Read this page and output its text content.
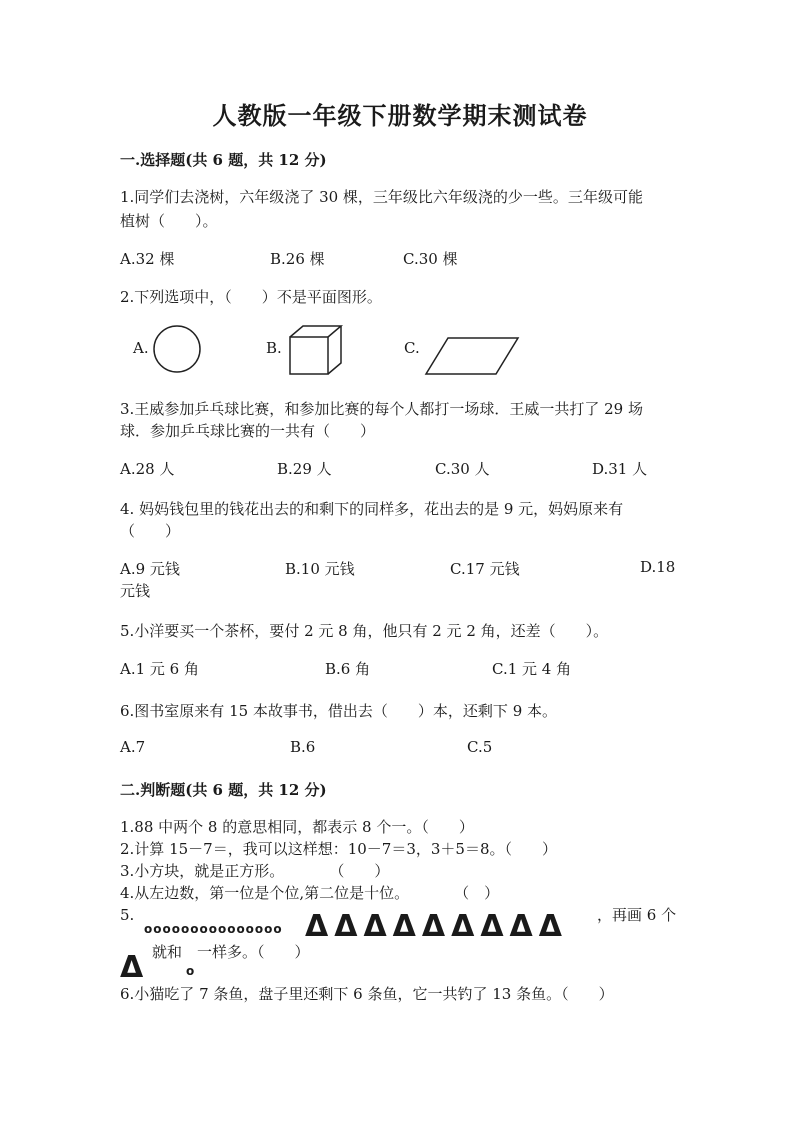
人教版一年级下册数学期末测试卷
一.选择题(共 6 题，共 12 分)
1.同学们去浇树，六年级浇了 30 棵，三年级比六年级浇的少一些。三年级可能
植树（　　）。
A.32 棵	B.26 棵	C.30 棵
2.下列选项中，（　　）不是平面图形。
A.	B.	C.
3.王威参加乒乓球比赛，和参加比赛的每个人都打一场球．王威一共打了 29 场
球．参加乒乓球比赛的一共有（　　）
A.28 人	B.29 人	C.30 人	D.31 人
4. 妈妈钱包里的钱花出去的和剩下的同样多，花出去的是 9 元，妈妈原来有
（　　）
A.9 元钱	B.10 元钱	C.17 元钱	D.18
元钱
5.小洋要买一个茶杯，要付 2 元 8 角，他只有 2 元 2 角，还差（　　）。
A.1 元 6 角	B.6 角	C.1 元 4 角
6.图书室原来有 15 本故事书，借出去（　　）本，还剩下 9 本。
A.7	B.6	C.5
二.判断题(共 6 题，共 12 分)
1.88 中两个 8 的意思相同，都表示 8 个一。（　　）
2.计算 15－7＝，我可以这样想：10－7＝3，3＋5＝8。（　　）
3.小方块，就是正方形。　　　　（　　）
4.从左边数，第一位是个位,第二位是十位。　　　　（　）
5.
ooooooooooooooo Δ Δ Δ Δ Δ Δ Δ Δ Δ ，再画 6 个
就和　一样多。（　　）
Δ	o
6.小猫吃了 7 条鱼，盘子里还剩下 6 条鱼，它一共钓了 13 条鱼。（　　）
